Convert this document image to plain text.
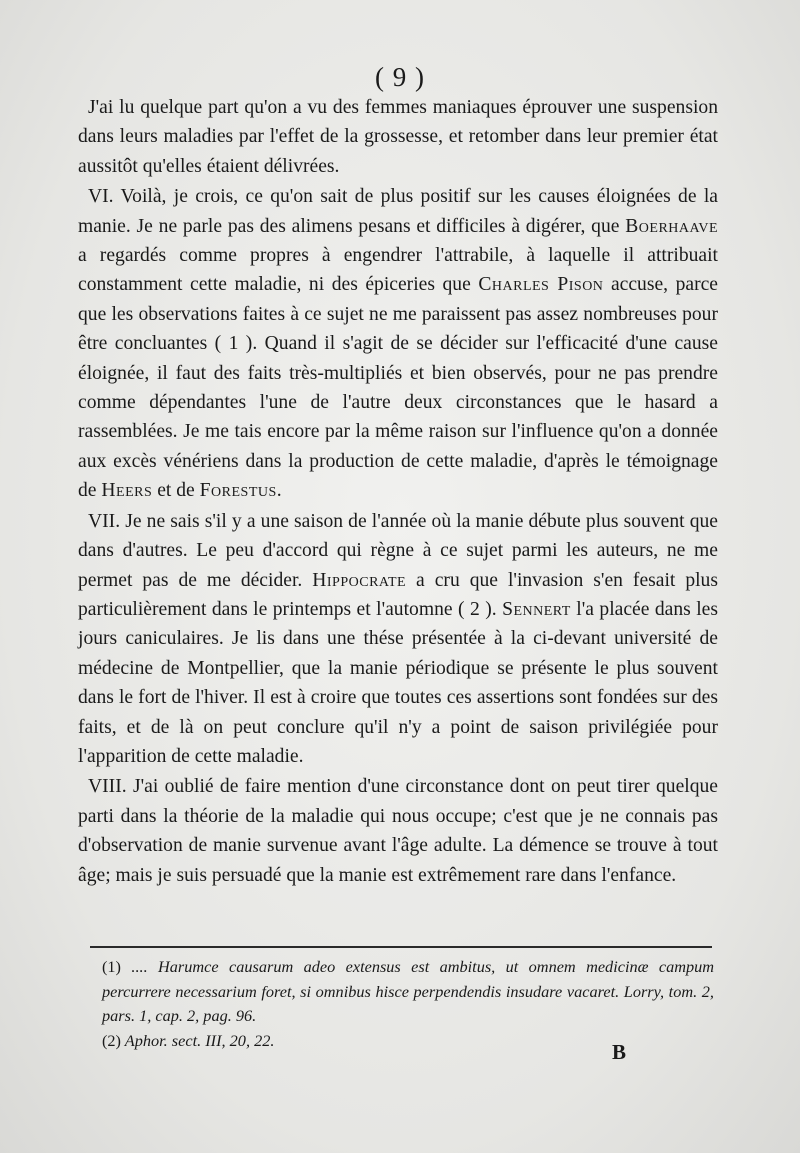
( 9 )

J'ai lu quelque part qu'on a vu des femmes maniaques éprouver une suspension dans leurs maladies par l'effet de la grossesse, et retomber dans leur premier état aussitôt qu'elles étaient délivrées.

VI. Voilà, je crois, ce qu'on sait de plus positif sur les causes éloignées de la manie. Je ne parle pas des alimens pesans et difficiles à digérer, que Boerhaave a regardés comme propres à engendrer l'attrabile, à laquelle il attribuait constamment cette maladie, ni des épiceries que Charles Pison accuse, parce que les observations faites à ce sujet ne me paraissent pas assez nombreuses pour être concluantes ( 1 ). Quand il s'agit de se décider sur l'efficacité d'une cause éloignée, il faut des faits très-multipliés et bien observés, pour ne pas prendre comme dépendantes l'une de l'autre deux circonstances que le hasard a rassemblées. Je me tais encore par la même raison sur l'influence qu'on a donnée aux excès vénériens dans la production de cette maladie, d'après le témoignage de Heers et de Forestus.

VII. Je ne sais s'il y a une saison de l'année où la manie débute plus souvent que dans d'autres. Le peu d'accord qui règne à ce sujet parmi les auteurs, ne me permet pas de me décider. Hippocrate a cru que l'invasion s'en fesait plus particulièrement dans le printemps et l'automne ( 2 ). Sennert l'a placée dans les jours caniculaires. Je lis dans une thése présentée à la ci-devant université de médecine de Montpellier, que la manie périodique se présente le plus souvent dans le fort de l'hiver. Il est à croire que toutes ces assertions sont fondées sur des faits, et de là on peut conclure qu'il n'y a point de saison privilégiée pour l'apparition de cette maladie.

VIII. J'ai oublié de faire mention d'une circonstance dont on peut tirer quelque parti dans la théorie de la maladie qui nous occupe; c'est que je ne connais pas d'observation de manie survenue avant l'âge adulte. La démence se trouve à tout âge; mais je suis persuadé que la manie est extrêmement rare dans l'enfance.

(1) .... Harumce causarum adeo extensus est ambitus, ut omnem medicinæ campum percurrere necessarium foret, si omnibus hisce perpendendis insudare vacaret. Lorry, tom. 2, pars. 1, cap. 2, pag. 96.

(2) Aphor. sect. III, 20, 22.	B
